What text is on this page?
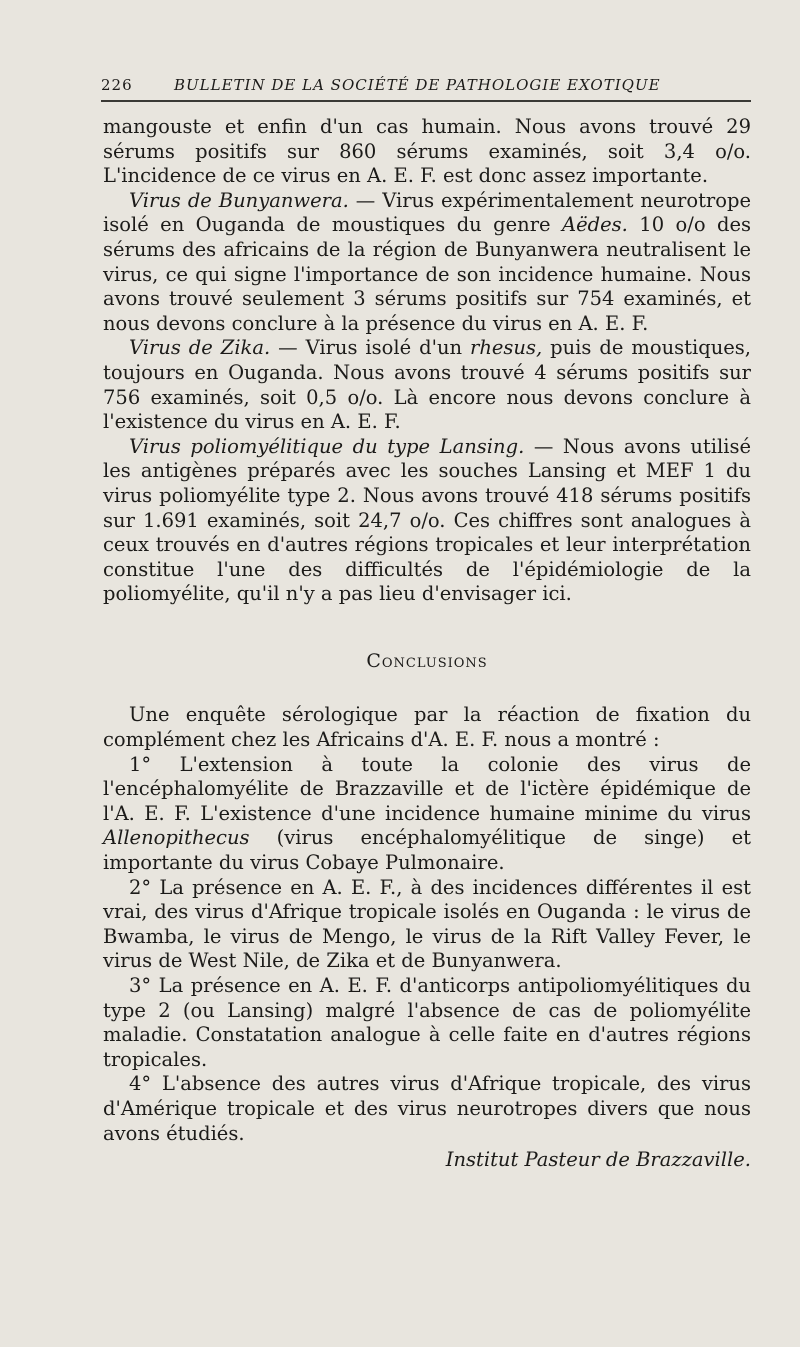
226	BULLETIN DE LA SOCIÉTÉ DE PATHOLOGIE EXOTIQUE

mangouste et enfin d'un cas humain. Nous avons trouvé 29 sérums positifs sur 860 sérums examinés, soit 3,4 o/o. L'incidence de ce virus en A. E. F. est donc assez importante.

Virus de Bunyanwera. — Virus expérimentalement neurotrope isolé en Ouganda de moustiques du genre Aëdes. 10 o/o des sérums des africains de la région de Bunyanwera neutralisent le virus, ce qui signe l'importance de son incidence humaine. Nous avons trouvé seulement 3 sérums positifs sur 754 examinés, et nous devons conclure à la présence du virus en A. E. F.

Virus de Zika. — Virus isolé d'un rhesus, puis de moustiques, toujours en Ouganda. Nous avons trouvé 4 sérums positifs sur 756 examinés, soit 0,5 o/o. Là encore nous devons conclure à l'existence du virus en A. E. F.

Virus poliomyélitique du type Lansing. — Nous avons utilisé les antigènes préparés avec les souches Lansing et MEF 1 du virus poliomyélite type 2. Nous avons trouvé 418 sérums positifs sur 1.691 examinés, soit 24,7 o/o. Ces chiffres sont analogues à ceux trouvés en d'autres régions tropicales et leur interprétation constitue l'une des difficultés de l'épidémiologie de la poliomyélite, qu'il n'y a pas lieu d'envisager ici.

Conclusions

Une enquête sérologique par la réaction de fixation du complément chez les Africains d'A. E. F. nous a montré :

1° L'extension à toute la colonie des virus de l'encéphalomyélite de Brazzaville et de l'ictère épidémique de l'A. E. F. L'existence d'une incidence humaine minime du virus Allenopithecus (virus encéphalomyélitique de singe) et importante du virus Cobaye Pulmonaire.

2° La présence en A. E. F., à des incidences différentes il est vrai, des virus d'Afrique tropicale isolés en Ouganda : le virus de Bwamba, le virus de Mengo, le virus de la Rift Valley Fever, le virus de West Nile, de Zika et de Bunyanwera.

3° La présence en A. E. F. d'anticorps antipoliomyélitiques du type 2 (ou Lansing) malgré l'absence de cas de poliomyélite maladie. Constatation analogue à celle faite en d'autres régions tropicales.

4° L'absence des autres virus d'Afrique tropicale, des virus d'Amérique tropicale et des virus neurotropes divers que nous avons étudiés.

Institut Pasteur de Brazzaville.
